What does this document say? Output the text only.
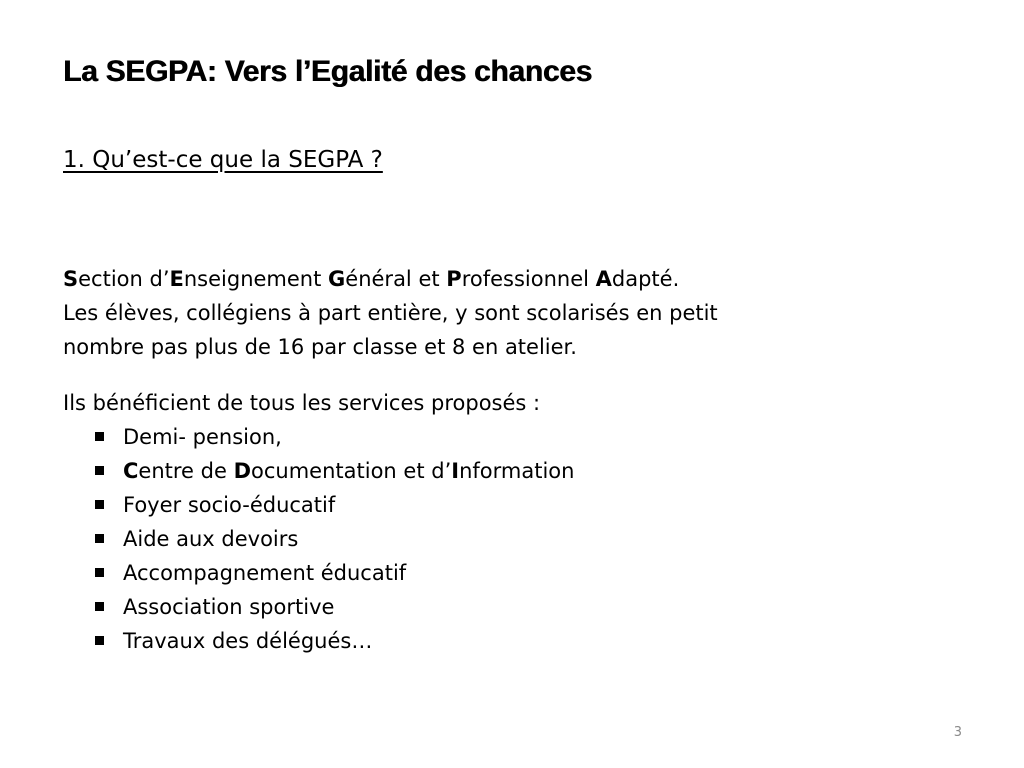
La SEGPA: Vers l’Egalité des chances
1. Qu’est-ce que la SEGPA ?

Section d’Enseignement Général et Professionnel Adapté.

Les élèves, collégiens à part entière, y sont scolarisés en petit

nombre pas plus de 16 par classe et 8 en atelier.

Ils bénéficient de tous les services proposés :

Demi- pension,
Centre de Documentation et d’Information
Foyer socio-éducatif
Aide aux devoirs
Accompagnement éducatif
Association sportive
Travaux des délégués…
3
